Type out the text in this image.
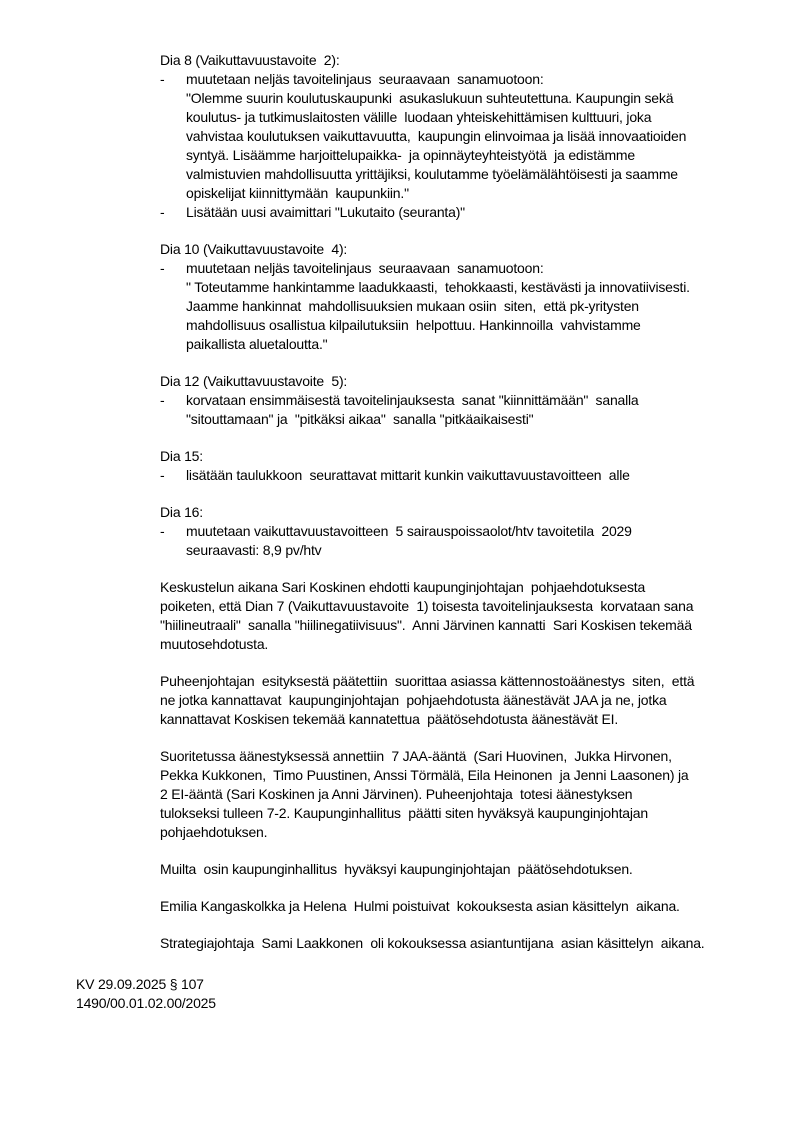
Dia 8 (Vaikuttavuustavoite  2):
-	muutetaan neljäs tavoitelinjaus  seuraavaan  sanamuotoon:
"Olemme suurin koulutuskaupunki  asukaslukuun suhteutettuna. Kaupungin sekä
koulutus- ja tutkimuslaitosten välille  luodaan yhteiskehittämisen kulttuuri, joka
vahvistaa koulutuksen vaikuttavuutta,  kaupungin elinvoimaa ja lisää innovaatioiden
syntyä. Lisäämme harjoittelupaikka-  ja opinnäyteyhteistyötä  ja edistämme
valmistuvien mahdollisuutta yrittäjiksi, koulutamme työelämälähtöisesti ja saamme
opiskelijat kiinnittymään  kaupunkiin."
-	Lisätään uusi avaimittari "Lukutaito (seuranta)"
Dia 10 (Vaikuttavuustavoite  4):
-	muutetaan neljäs tavoitelinjaus  seuraavaan  sanamuotoon:
" Toteutamme hankintamme laadukkaasti,  tehokkaasti, kestävästi ja innovatiivisesti.
Jaamme hankinnat  mahdollisuuksien mukaan osiin  siten,  että pk-yritysten
mahdollisuus osallistua kilpailutuksiin  helpottuu. Hankinnoilla  vahvistamme
paikallista aluetaloutta."
Dia 12 (Vaikuttavuustavoite  5):
-	korvataan ensimmäisestä tavoitelinjauksesta  sanat "kiinnittämään"  sanalla
"sitouttamaan" ja  "pitkäksi aikaa"  sanalla "pitkäaikaisesti"
Dia 15:
-	lisätään taulukkoon  seurattavat mittarit kunkin vaikuttavuustavoitteen  alle
Dia 16:
-	muutetaan vaikuttavuustavoitteen  5 sairauspoissaolot/htv tavoitetila  2029
seuraavasti: 8,9 pv/htv
Keskustelun aikana Sari Koskinen ehdotti kaupunginjohtajan  pohjaehdotuksesta
poiketen, että Dian 7 (Vaikuttavuustavoite  1) toisesta tavoitelinjauksesta  korvataan sana
"hiilineutraali"  sanalla "hiilinegatiivisuus".  Anni Järvinen kannatti  Sari Koskisen tekemää
muutosehdotusta.
Puheenjohtajan  esityksestä päätettiin  suorittaa asiassa kättennostoäänestys  siten,  että
ne jotka kannattavat  kaupunginjohtajan  pohjaehdotusta äänestävät JAA ja ne, jotka
kannattavat Koskisen tekemää kannatettua  päätösehdotusta äänestävät EI.
Suoritetussa äänestyksessä annettiin  7 JAA-ääntä  (Sari Huovinen,  Jukka Hirvonen,
Pekka Kukkonen,  Timo Puustinen, Anssi Törmälä, Eila Heinonen  ja Jenni Laasonen) ja
2 EI-ääntä (Sari Koskinen ja Anni Järvinen). Puheenjohtaja  totesi äänestyksen
tulokseksi tulleen 7-2. Kaupunginhallitus  päätti siten hyväksyä kaupunginjohtajan
pohjaehdotuksen.
Muilta  osin kaupunginhallitus  hyväksyi kaupunginjohtajan  päätösehdotuksen.
Emilia Kangaskolkka ja Helena  Hulmi poistuivat  kokouksesta asian käsittelyn  aikana.
Strategiajohtaja  Sami Laakkonen  oli kokouksessa asiantuntijana  asian käsittelyn  aikana.
KV 29.09.2025 § 107
1490/00.01.02.00/2025
